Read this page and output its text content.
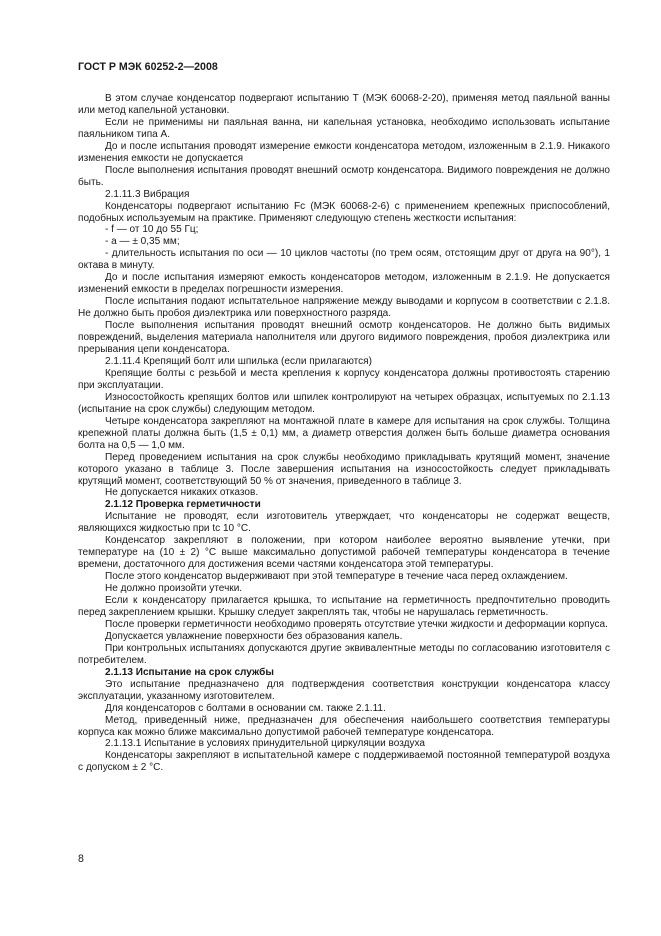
ГОСТ Р МЭК 60252-2—2008

В этом случае конденсатор подвергают испытанию Т (МЭК 60068-2-20), применяя метод паяльной ванны или метод капельной установки.

Если не применимы ни паяльная ванна, ни капельная установка, необходимо использовать испытание паяльником типа А.

До и после испытания проводят измерение емкости конденсатора методом, изложенным в 2.1.9. Никакого изменения емкости не допускается

После выполнения испытания проводят внешний осмотр конденсатора. Видимого повреждения не должно быть.

2.1.11.3 Вибрация

Конденсаторы подвергают испытанию Fc (МЭК 60068-2-6) с применением крепежных приспособлений, подобных используемым на практике. Применяют следующую степень жесткости испытания:

- f — от 10 до 55 Гц;

- a — ± 0,35 мм;

- длительность испытания по оси — 10 циклов частоты (по трем осям, отстоящим друг от друга на 90°), 1 октава в минуту.

До и после испытания измеряют емкость конденсаторов методом, изложенным в 2.1.9. Не допускается изменений емкости в пределах погрешности измерения.

После испытания подают испытательное напряжение между выводами и корпусом в соответствии с 2.1.8. Не должно быть пробоя диэлектрика или поверхностного разряда.

После выполнения испытания проводят внешний осмотр конденсаторов. Не должно быть видимых повреждений, выделения материала наполнителя или другого видимого повреждения, пробоя диэлектрика или прерывания цепи конденсатора.

2.1.11.4 Крепящий болт или шпилька (если прилагаются)

Крепящие болты с резьбой и места крепления к корпусу конденсатора должны противостоять старению при эксплуатации.

Износостойкость крепящих болтов или шпилек контролируют на четырех образцах, испытуемых по 2.1.13 (испытание на срок службы) следующим методом.

Четыре конденсатора закрепляют на монтажной плате в камере для испытания на срок службы. Толщина крепежной платы должна быть (1,5 ± 0,1) мм, а диаметр отверстия должен быть больше диаметра основания болта на 0,5 — 1,0 мм.

Перед проведением испытания на срок службы необходимо прикладывать крутящий момент, значение которого указано в таблице 3. После завершения испытания на износостойкость следует прикладывать крутящий момент, соответствующий 50 % от значения, приведенного в таблице 3.

Не допускается никаких отказов.

2.1.12 Проверка герметичности

Испытание не проводят, если изготовитель утверждает, что конденсаторы не содержат веществ, являющихся жидкостью при tc 10 °С.

Конденсатор закрепляют в положении, при котором наиболее вероятно выявление утечки, при температуре на (10 ± 2) °С выше максимально допустимой рабочей температуры конденсатора в течение времени, достаточного для достижения всеми частями конденсатора этой температуры.

После этого конденсатор выдерживают при этой температуре в течение часа перед охлаждением.

Не должно произойти утечки.

Если к конденсатору прилагается крышка, то испытание на герметичность предпочтительно проводить перед закреплением крышки. Крышку следует закреплять так, чтобы не нарушалась герметичность.

После проверки герметичности необходимо проверять отсутствие утечки жидкости и деформации корпуса.

Допускается увлажнение поверхности без образования капель.

При контрольных испытаниях допускаются другие эквивалентные методы по согласованию изготовителя с потребителем.

2.1.13 Испытание на срок службы

Это испытание предназначено для подтверждения соответствия конструкции конденсатора классу эксплуатации, указанному изготовителем.

Для конденсаторов с болтами в основании см. также 2.1.11.

Метод, приведенный ниже, предназначен для обеспечения наибольшего соответствия температуры корпуса как можно ближе максимально допустимой рабочей температуре конденсатора.

2.1.13.1 Испытание в условиях принудительной циркуляции воздуха

Конденсаторы закрепляют в испытательной камере с поддерживаемой постоянной температурой воздуха с допуском ± 2 °С.

8
